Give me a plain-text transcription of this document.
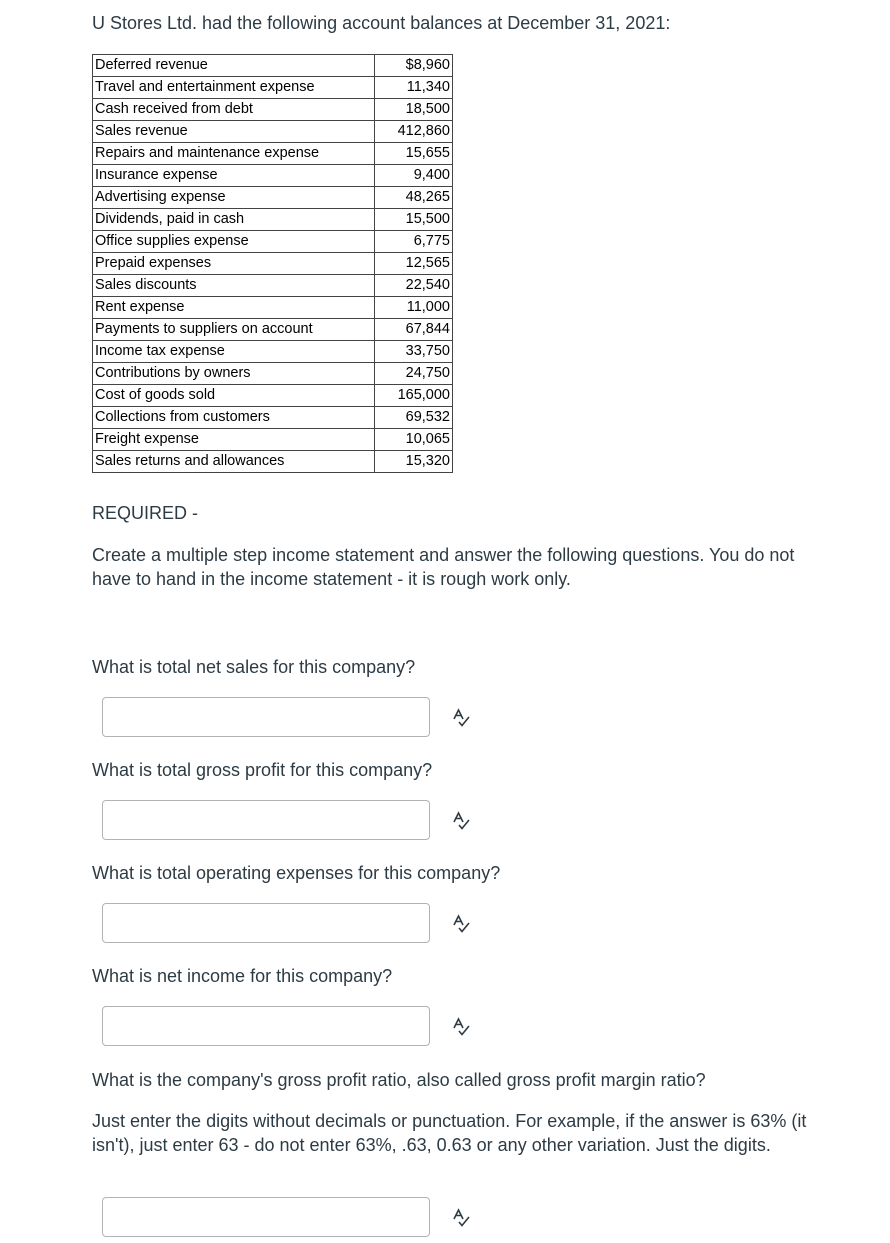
U Stores Ltd. had the following account balances at December 31, 2021:

Deferred revenue	$8,960
Travel and entertainment expense	11,340
Cash received from debt	18,500
Sales revenue	412,860
Repairs and maintenance expense	15,655
Insurance expense	9,400
Advertising expense	48,265
Dividends, paid in cash	15,500
Office supplies expense	6,775
Prepaid expenses	12,565
Sales discounts	22,540
Rent expense	11,000
Payments to suppliers on account	67,844
Income tax expense	33,750
Contributions by owners	24,750
Cost of goods sold	165,000
Collections from customers	69,532
Freight expense	10,065
Sales returns and allowances	15,320

REQUIRED -

Create a multiple step income statement and answer the following questions. You do not have to hand in the income statement - it is rough work only.

What is total net sales for this company?

What is total gross profit for this company?

What is total operating expenses for this company?

What is net income for this company?

What is the company's gross profit ratio, also called gross profit margin ratio?

Just enter the digits without decimals or punctuation. For example, if the answer is 63% (it isn't), just enter 63 - do not enter 63%, .63, 0.63 or any other variation. Just the digits.
